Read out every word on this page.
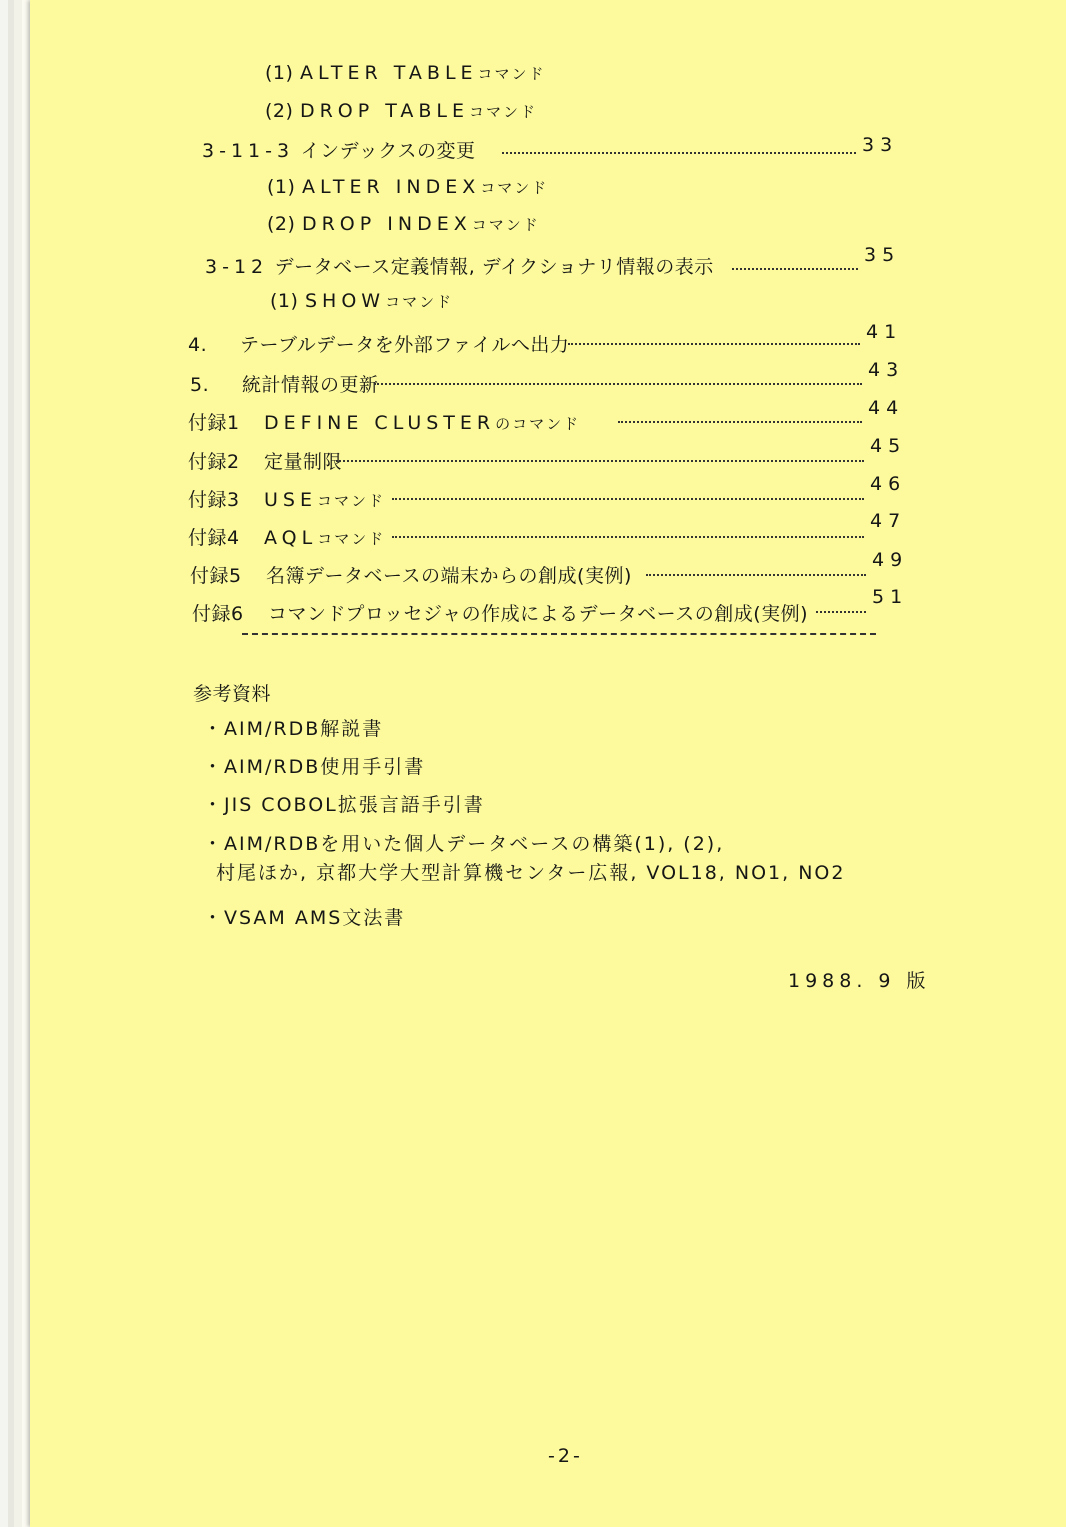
(1) ALTER TABLEコマンド
(2) DROP TABLEコマンド
3-11-3 インデックスの変更	33
(1) ALTER INDEXコマンド
(2) DROP INDEXコマンド
3-12 データベース定義情報, デイクショナリ情報の表示
35
(1) SHOWコマンド
4. テーブルデータを外部ファイルへ出力
41
5. 統計情報の更新
43
付録1 DEFINE CLUSTERのコマンド
44
付録2 定量制限
45
付録3 USEコマンド
46
付録4 AQLコマンド
47
付録5 名簿データベースの端末からの創成(実例)
49
付録6 コマンドプロッセジャの作成によるデータベースの創成(実例)
51
参考資料
・AIM/RDB解説書
・AIM/RDB使用手引書
・JIS COBOL拡張言語手引書
・AIM/RDBを用いた個人データベースの構築(1), (2),
村尾ほか, 京都大学大型計算機センター広報, VOL18, NO1, NO2
・VSAM AMS文法書
1988. 9 版
-2-
